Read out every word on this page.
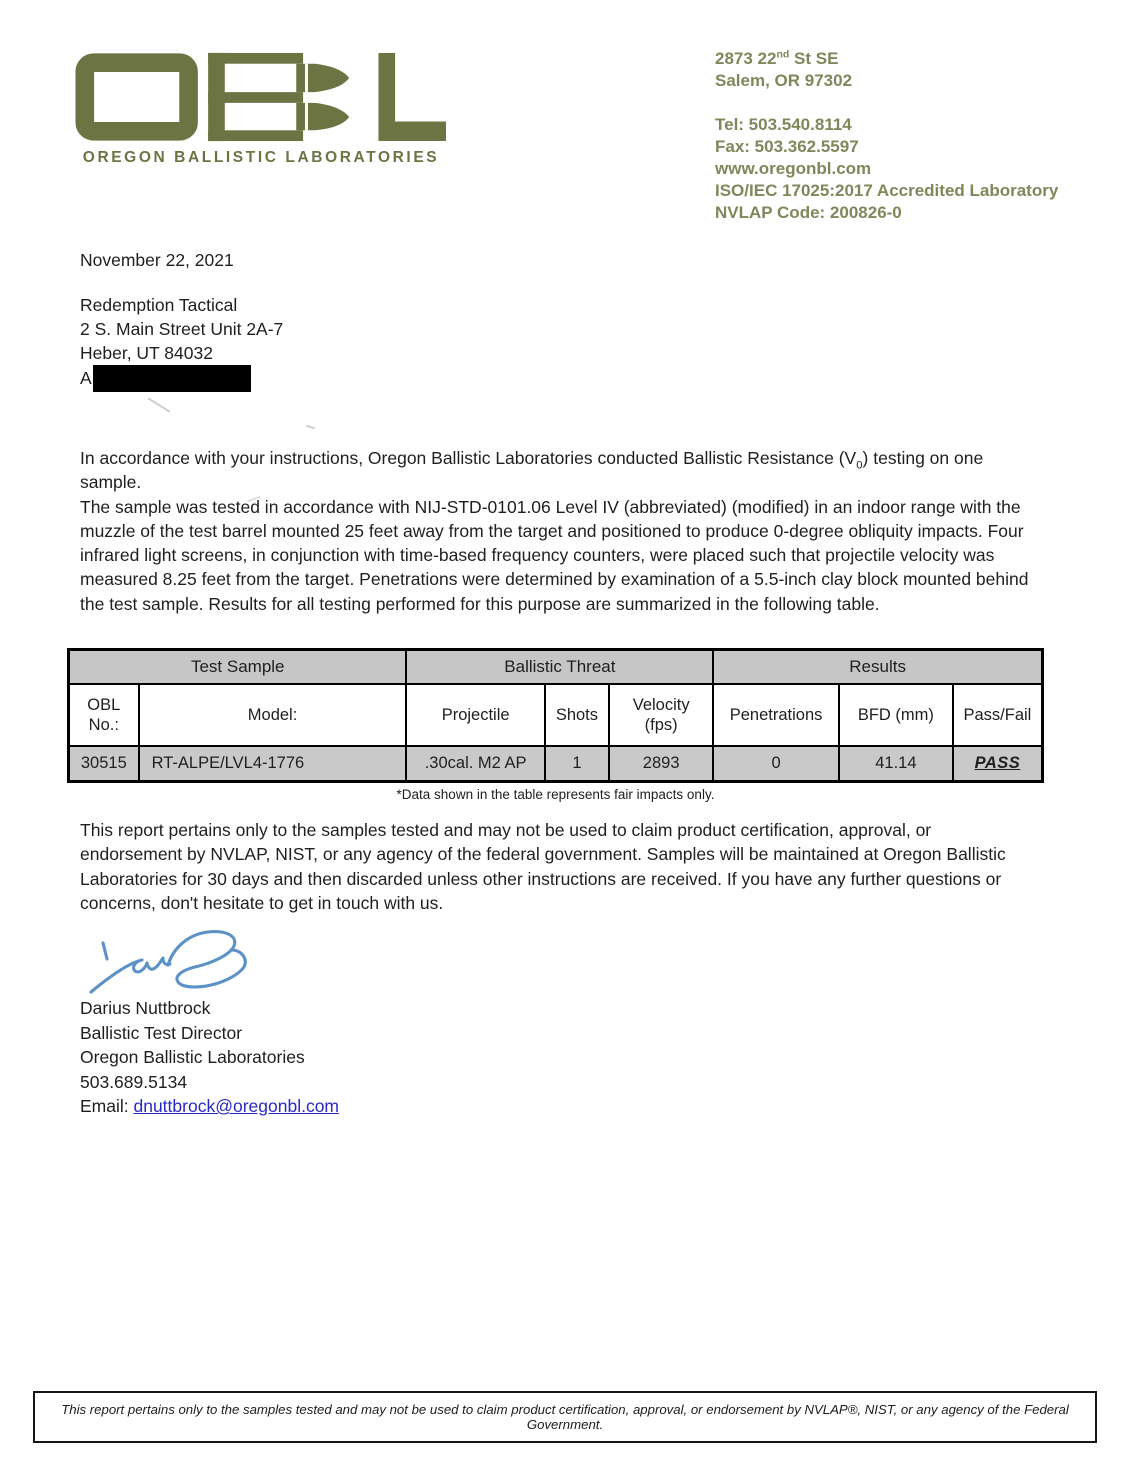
OREGON BALLISTIC LABORATORIES
2873 22nd St SE
Salem, OR 97302
Tel: 503.540.8114
Fax: 503.362.5597
www.oregonbl.com
ISO/IEC 17025:2017 Accredited Laboratory
NVLAP Code: 200826-0
November 22, 2021
Redemption Tactical
2 S. Main Street Unit 2A-7
Heber, UT 84032
A

In accordance with your instructions, Oregon Ballistic Laboratories conducted Ballistic Resistance $(V_0)$ testing on one sample.

The sample was tested in accordance with NIJ-STD-0101.06 Level IV (abbreviated) (modified) in an indoor range with the muzzle of the test barrel mounted 25 feet away from the target and positioned to produce 0-degree obliquity impacts. Four infrared light screens, in conjunction with time-based frequency counters, were placed such that projectile velocity was measured 8.25 feet from the target. Penetrations were determined by examination of a 5.5-inch clay block mounted behind the test sample. Results for all testing performed for this purpose are summarized in the following table.

Test Sample		Ballistic Threat			Results		
OBL No.:	Model:	Projectile	Shots	Velocity (fps)	Penetrations	BFD (mm)	Pass/Fail
30515	RT-ALPE/LVL4-1776	.30cal. M2 AP	1	2893	0	41.14	PASS
*Data shown in the table represents fair impacts only.
This report pertains only to the samples tested and may not be used to claim product certification, approval, or endorsement by NVLAP, NIST, or any agency of the federal government. Samples will be maintained at Oregon Ballistic Laboratories for 30 days and then discarded unless other instructions are received. If you have any further questions or concerns, don't hesitate to get in touch with us.
Darius Nuttbrock
Ballistic Test Director
Oregon Ballistic Laboratories
503.689.5134
Email: dnuttbrock@oregonbl.com
This report pertains only to the samples tested and may not be used to claim product certification, approval, or endorsement by NVLAP®, NIST, or any agency of the Federal Government.
